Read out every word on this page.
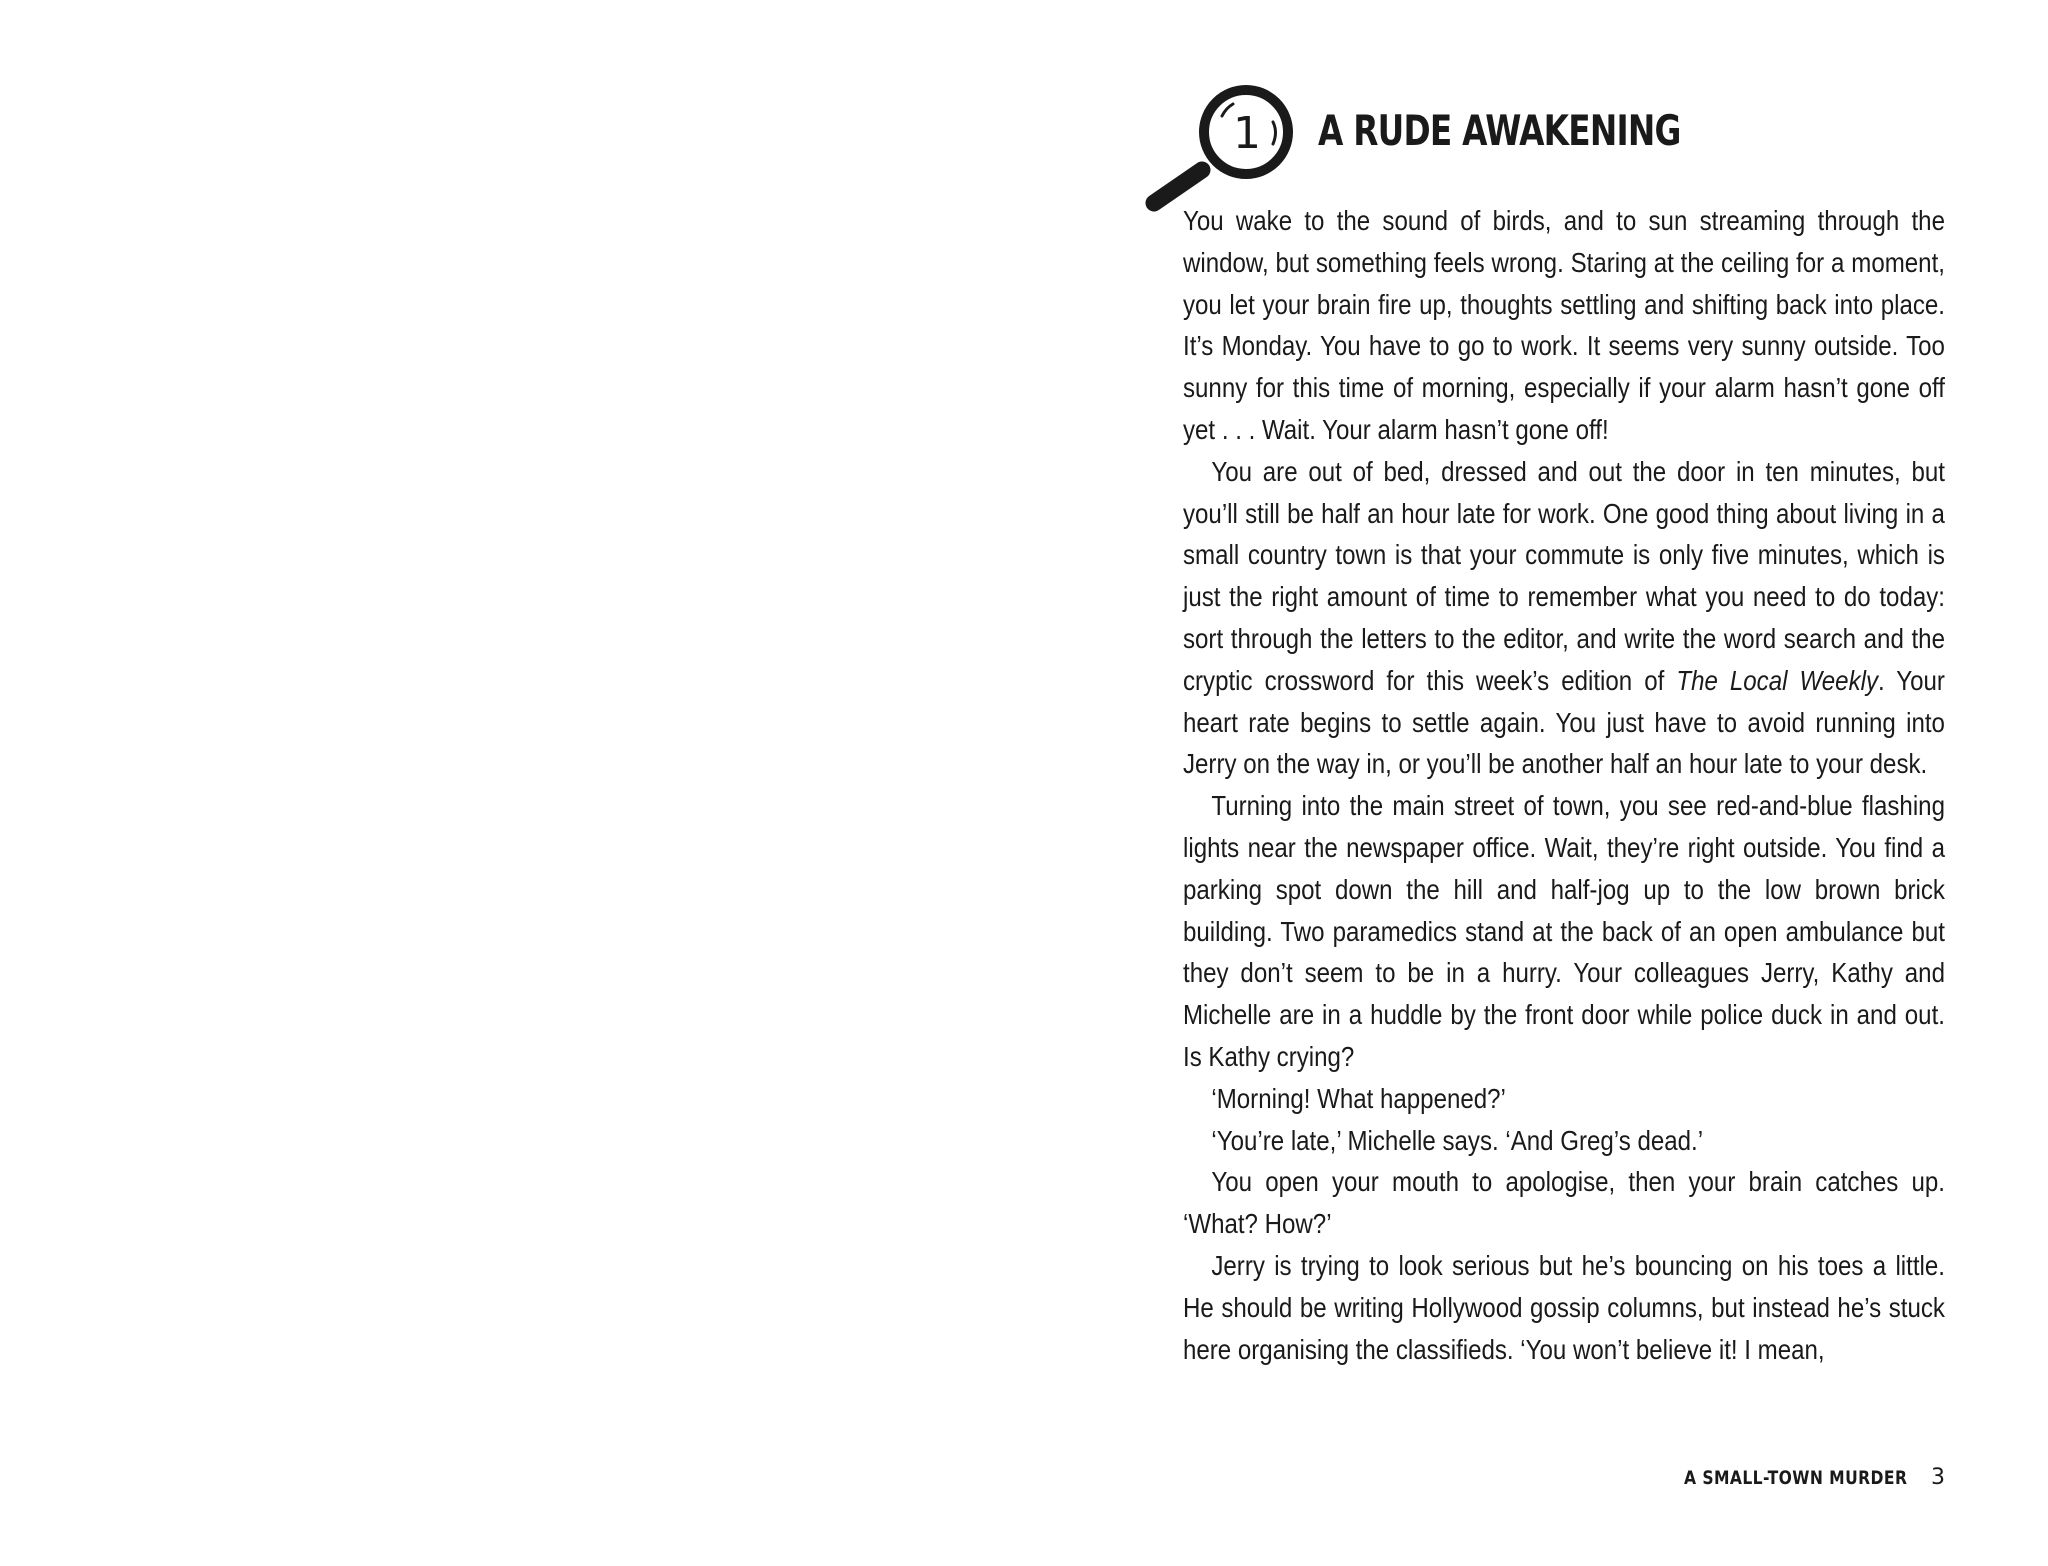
1 A RUDE AWAKENING

You wake to the sound of birds, and to sun streaming through the window, but something feels wrong. Staring at the ceiling for a moment, you let your brain fire up, thoughts settling and shifting back into place. It’s Monday. You have to go to work. It seems very sunny outside. Too sunny for this time of morning, especially if your alarm hasn’t gone off yet . . . Wait. Your alarm hasn’t gone off!

You are out of bed, dressed and out the door in ten minutes, but you’ll still be half an hour late for work. One good thing about living in a small country town is that your commute is only five minutes, which is just the right amount of time to remember what you need to do today: sort through the letters to the editor, and write the word search and the cryptic crossword for this week’s edition of The Local Weekly. Your heart rate begins to settle again. You just have to avoid running into Jerry on the way in, or you’ll be another half an hour late to your desk.

Turning into the main street of town, you see red-and-blue flashing lights near the newspaper office. Wait, they’re right outside. You find a parking spot down the hill and half-jog up to the low brown brick building. Two paramedics stand at the back of an open ambulance but they don’t seem to be in a hurry. Your colleagues Jerry, Kathy and Michelle are in a huddle by the front door while police duck in and out. Is Kathy crying?

‘Morning! What happened?’

‘You’re late,’ Michelle says. ‘And Greg’s dead.’

You open your mouth to apologise, then your brain catches up. ‘What? How?’

Jerry is trying to look serious but he’s bouncing on his toes a little. He should be writing Hollywood gossip columns, but instead he’s stuck here organising the classifieds. ‘You won’t believe it! I mean,

A SMALL-TOWN MURDER 3
